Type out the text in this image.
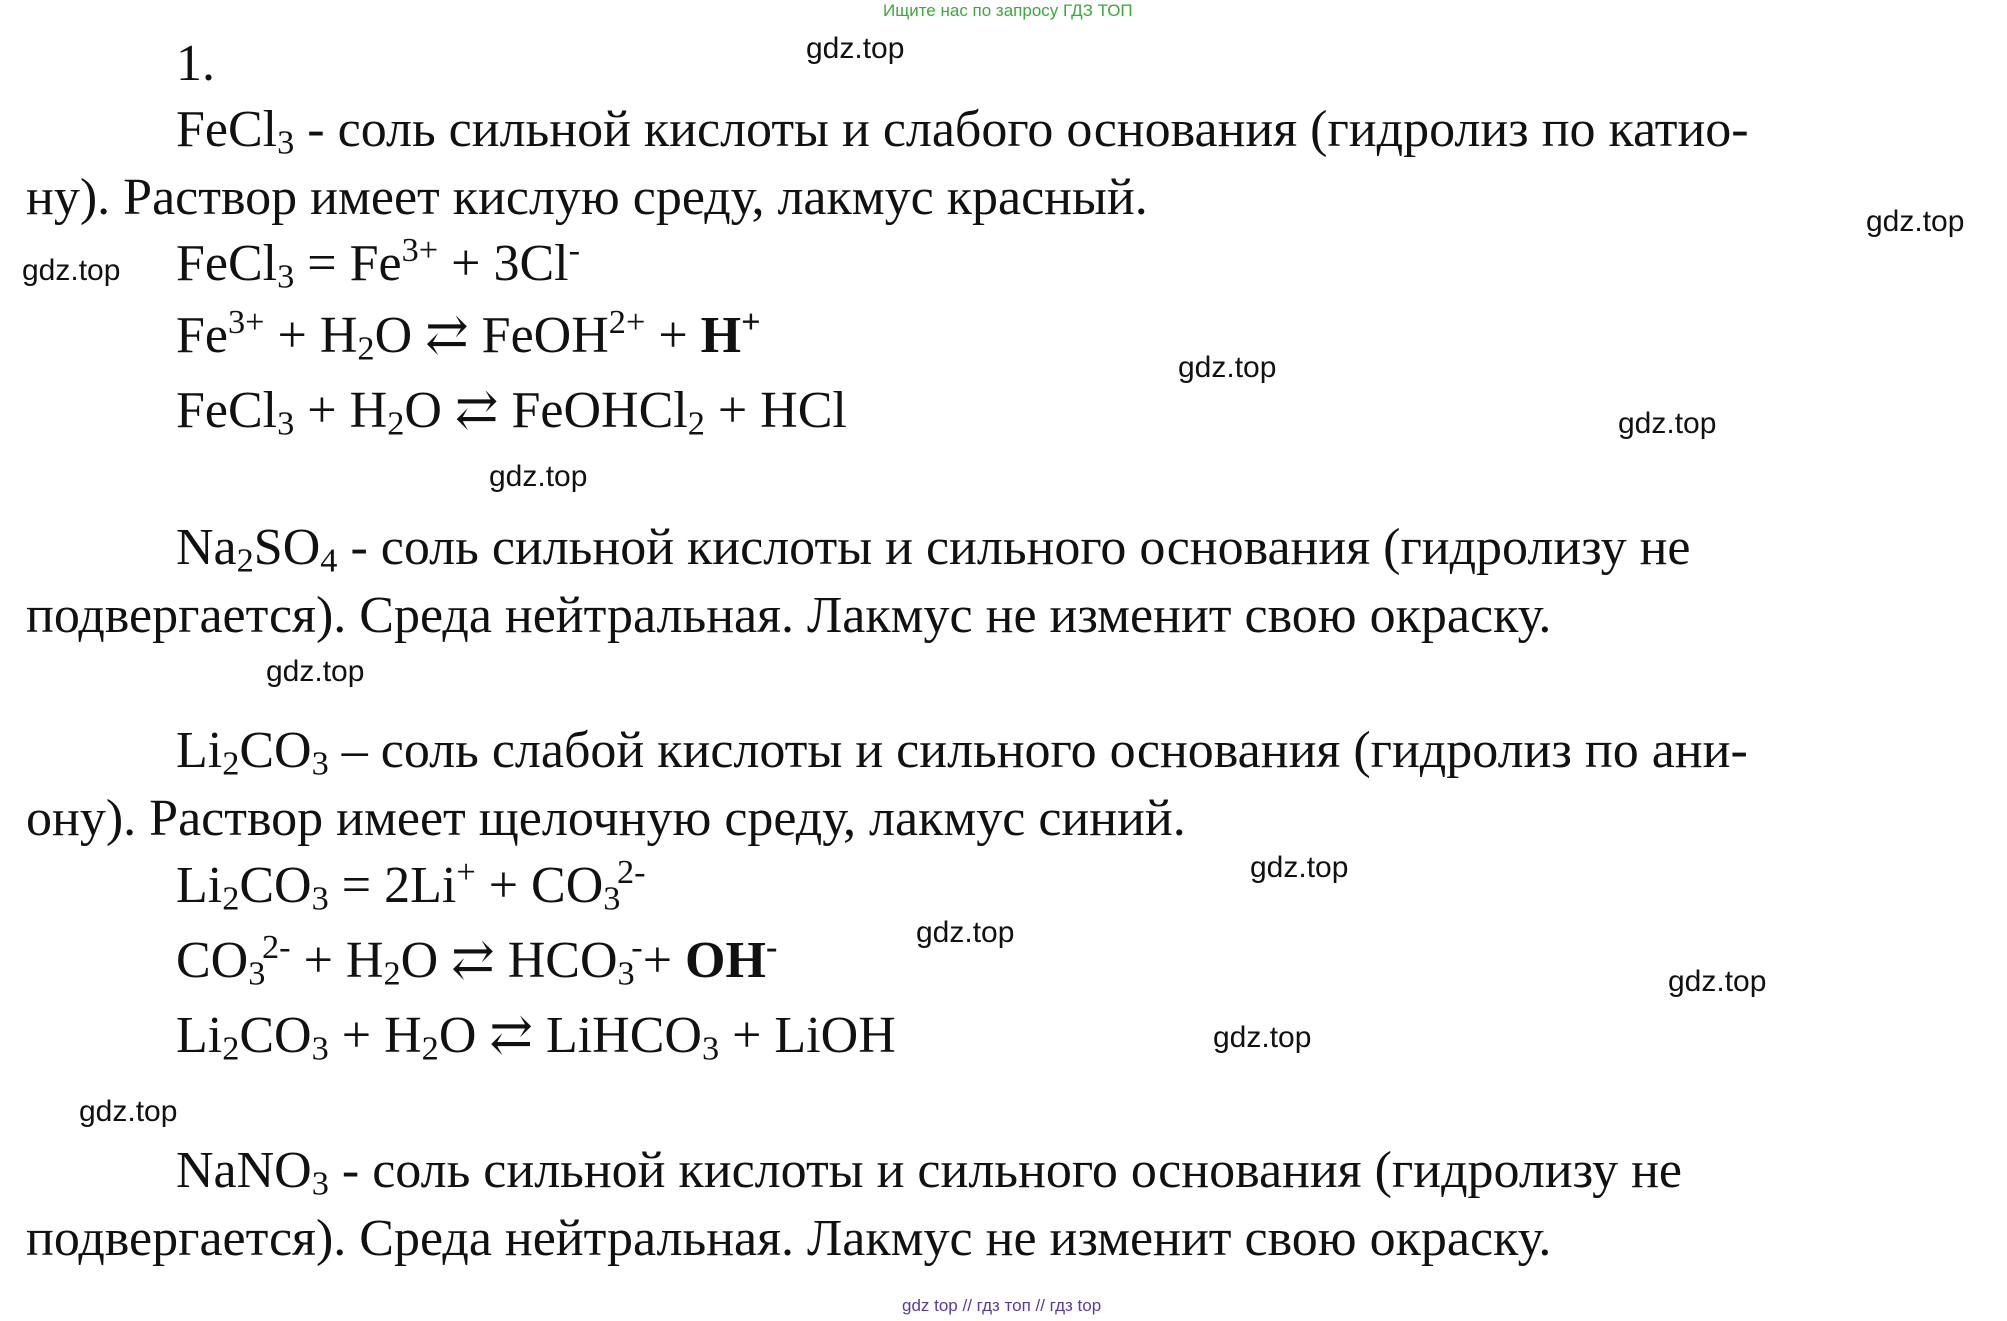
Ищите нас по запросу ГДЗ ТОП
1.
FeCl$_3$ - соль сильной кислоты и слабого основания (гидролиз по катио-
ну). Раствор имеет кислую среду, лакмус красный.
FeCl$_3$ = $Fe^{3+} + 3Cl^-$
$Fe^{3+} + H_2O$ ⇄ FeOH$^{2+}$ + H+
FeCl$_3$ + $H_2O$ ⇄ FeOHCl$_2$ + HCl
$Na_2SO_4$ - соль сильной кислоты и сильного основания (гидролизу не
подвергается). Среда нейтральная. Лакмус не изменит свою окраску.
$Li_2CO_3$ – соль слабой кислоты и сильного основания (гидролиз по ани-
ону). Раствор имеет щелочную среду, лакмус синий.
$Li_2CO_3 = 2Li^+ + CO_3^{2-}$
$CO_3^{2-} + H_2O$ ⇄ $HCO_3^-+ OH^-$
$Li_2CO_3 + H_2O$ ⇄ LiHCO$_3$ + LiOH
NaNO$_3$ - соль сильной кислоты и сильного основания (гидролизу не
подвергается). Среда нейтральная. Лакмус не изменит свою окраску.
gdz.top
gdz.top
gdz.top
gdz.top
gdz.top
gdz.top
gdz.top
gdz.top
gdz.top
gdz.top
gdz.top
gdz.top
gdz top // гдз топ // гдз top
